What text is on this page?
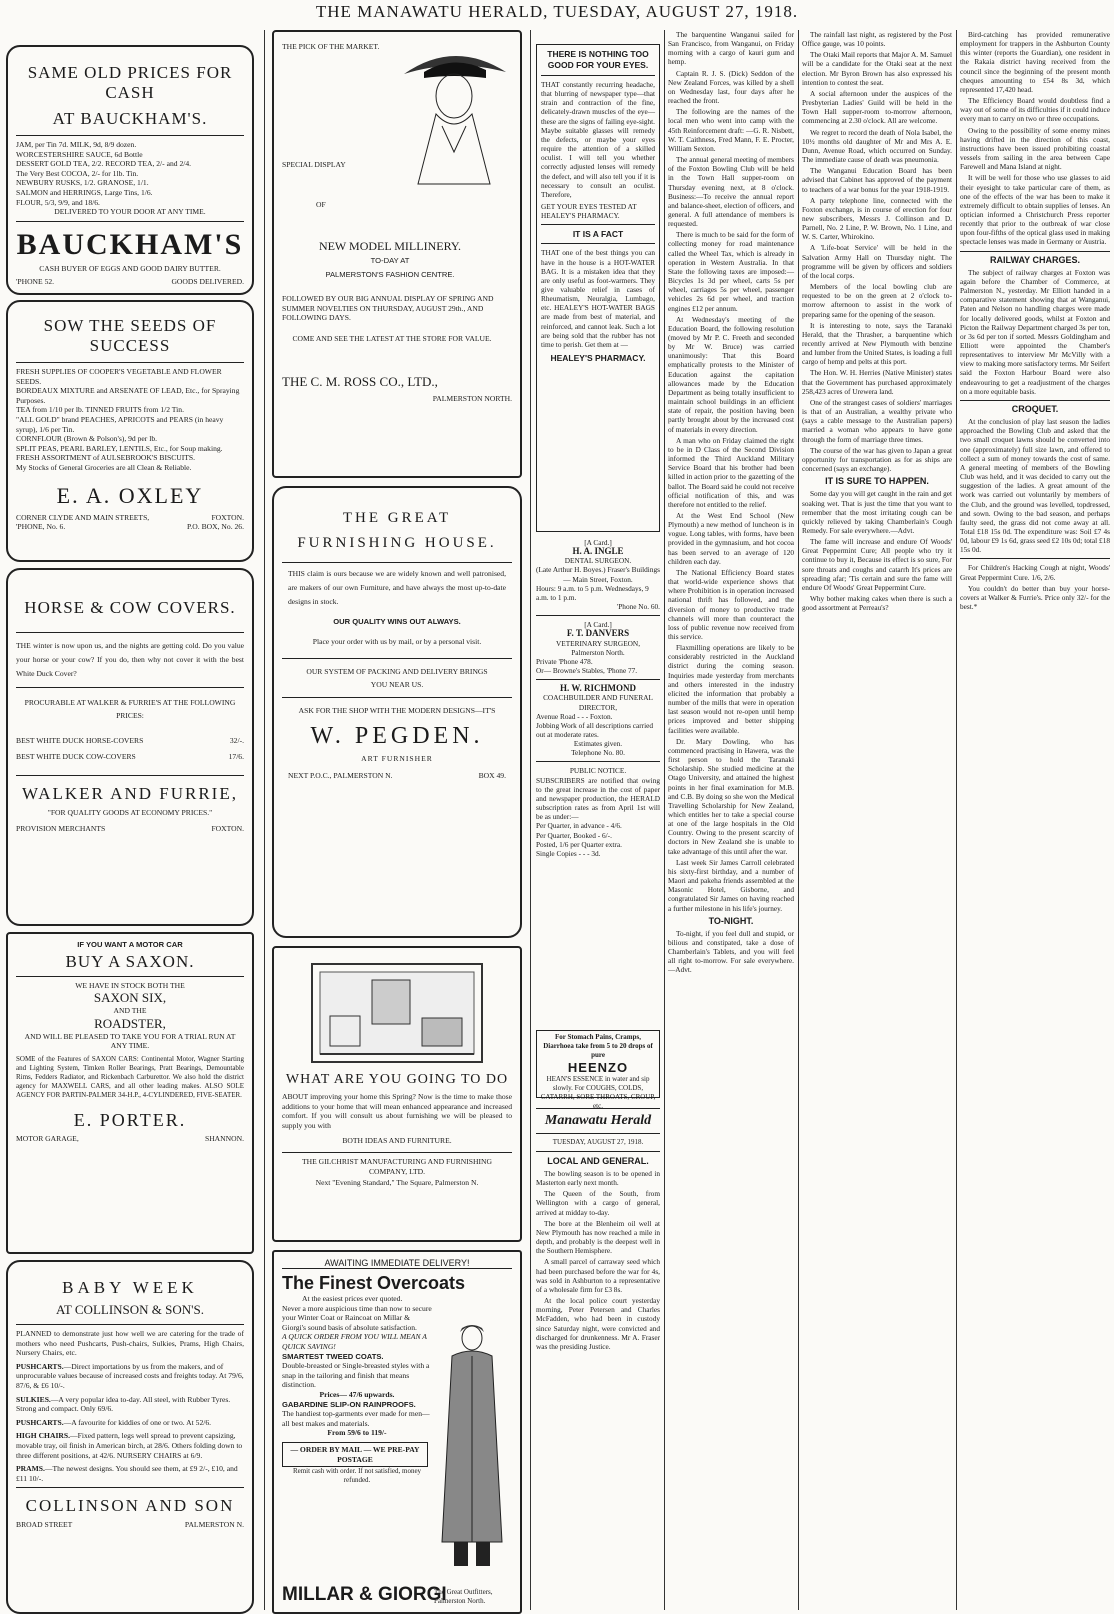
THE MANAWATU HERALD, TUESDAY, AUGUST 27, 1918.
SAME OLD PRICES FOR CASH
AT BAUCKHAM'S.
JAM, per Tin 7d. MILK, 9d, 8/9 dozen.
WORCESTERSHIRE SAUCE, 6d Bottle
DESSERT GOLD TEA, 2/2. RECORD TEA, 2/- and 2/4.
The Very Best COCOA, 2/- for 1lb. Tin.
NEWBURY RUSKS, 1/2. GRANOSE, 1/1.
SALMON and HERRINGS, Large Tins, 1/6.
FLOUR, 5/3, 9/9, and 18/6.
DELIVERED TO YOUR DOOR AT ANY TIME.
BAUCKHAM'S
CASH BUYER OF EGGS AND GOOD DAIRY BUTTER.
'PHONE 52.	GOODS DELIVERED.
SOW THE SEEDS OF SUCCESS
FRESH SUPPLIES OF COOPER'S VEGETABLE AND FLOWER SEEDS.
BORDEAUX MIXTURE and ARSENATE OF LEAD, Etc., for Spraying Purposes.
TEA from 1/10 per lb. TINNED FRUITS from 1/2 Tin.
"ALL GOLD" brand PEACHES, APRICOTS and PEARS (in heavy syrup), 1/6 per Tin.
CORNFLOUR (Brown & Polson's), 9d per lb.
SPLIT PEAS, PEARL BARLEY, LENTILS, Etc., for Soup making.
FRESH ASSORTMENT of AULSEBROOK'S BISCUITS.
My Stocks of General Groceries are all Clean & Reliable.
E. A. OXLEY
CORNER CLYDE AND MAIN STREETS,	FOXTON.
'PHONE, No. 6.	P.O. BOX, No. 26.
HORSE & COW COVERS.
THE winter is now upon us, and the nights are getting cold. Do you value your horse or your cow? If you do, then why not cover it with the best White Duck Cover?
PROCURABLE AT WALKER & FURRIE'S AT THE FOLLOWING PRICES:
BEST WHITE DUCK HORSE-COVERS	32/-.
BEST WHITE DUCK COW-COVERS	17/6.
WALKER AND FURRIE,
"FOR QUALITY GOODS AT ECONOMY PRICES."
PROVISION MERCHANTS	FOXTON.
IF YOU WANT A MOTOR CAR
BUY A SAXON.
WE HAVE IN STOCK BOTH THE
SAXON SIX,
AND THE
ROADSTER,
AND WILL BE PLEASED TO TAKE YOU FOR A TRIAL RUN AT ANY TIME.
SOME of the Features of SAXON CARS: Continental Motor, Wagner Starting and Lighting System, Timken Roller Bearings, Pratt Bearings, Demountable Rims, Fedders Radiator, and Rickenbach Carburettor. We also hold the district agency for MAXWELL CARS, and all other leading makes. ALSO SOLE AGENCY FOR PARTIN-PALMER 34-H.P., 4-CYLINDERED, FIVE-SEATER.
E. PORTER.
MOTOR GARAGE,	SHANNON.
BABY WEEK
AT COLLINSON & SON'S.
PLANNED to demonstrate just how well we are catering for the trade of mothers who need Pushcarts, Push-chairs, Sulkies, Prams, High Chairs, Nursery Chairs, etc.
PUSHCARTS.—Direct importations by us from the makers, and of unprocurable values because of increased costs and freights today. At 79/6, 87/6, & £6 10/-.
SULKIES.—A very popular idea to-day. All steel, with Rubber Tyres. Strong and compact. Only 69/6.
PUSHCARTS.—A favourite for kiddies of one or two. At 52/6.
HIGH CHAIRS.—Fixed pattern, legs well spread to prevent capsizing, movable tray, oil finish in American birch, at 28/6. Others folding down to three different positions, at 42/6. NURSERY CHAIRS at 6/9.
PRAMS.—The newest designs. You should see them, at £9 2/-, £10, and £11 10/-.
COLLINSON AND SON
BROAD STREET	PALMERSTON N.
THE PICK OF THE MARKET.
SPECIAL DISPLAY
OF
NEW MODEL MILLINERY.
TO-DAY AT
PALMERSTON'S FASHION CENTRE.
FOLLOWED BY OUR BIG ANNUAL DISPLAY OF SPRING AND SUMMER NOVELTIES ON THURSDAY, AUGUST 29th., AND FOLLOWING DAYS.
COME AND SEE THE LATEST AT THE STORE FOR VALUE.
THE C. M. ROSS CO., LTD.,
PALMERSTON NORTH.
THE GREAT
FURNISHING HOUSE.
THIS claim is ours because we are widely known and well patronised, are makers of our own Furniture, and have always the most up-to-date designs in stock.
OUR QUALITY WINS OUT ALWAYS.
Place your order with us by mail, or by a personal visit.
OUR SYSTEM OF PACKING AND DELIVERY BRINGS YOU NEAR US.
ASK FOR THE SHOP WITH THE MODERN DESIGNS—IT'S
W. PEGDEN.
ART FURNISHER
NEXT P.O.C., PALMERSTON N.	BOX 49.
WHAT ARE YOU GOING TO DO
ABOUT improving your home this Spring? Now is the time to make those additions to your home that will mean enhanced appearance and increased comfort. If you will consult us about furnishing we will be pleased to supply you with
BOTH IDEAS AND FURNITURE.
THE GILCHRIST MANUFACTURING AND FURNISHING COMPANY, LTD.
Next "Evening Standard," The Square, Palmerston N.
AWAITING IMMEDIATE DELIVERY!
The Finest Overcoats
At the easiest prices ever quoted.
Never a more auspicious time than now to secure your Winter Coat or Raincoat on Millar & Giorgi's sound basis of absolute satisfaction.
A QUICK ORDER FROM YOU WILL MEAN A QUICK SAVING!
SMARTEST TWEED COATS.
Double-breasted or Single-breasted styles with a snap in the tailoring and finish that means distinction.
Prices— 47/6 upwards.
GABARDINE SLIP-ON RAINPROOFS.
The handiest top-garments ever made for men—all best makes and materials.
From 59/6 to 119/-
— ORDER BY MAIL — WE PRE-PAY POSTAGE
Remit cash with order. If not satisfied, money refunded.
MILLAR & GIORGI
The Great Outfitters, Palmerston North.
THERE IS NOTHING TOO GOOD FOR YOUR EYES.
THAT constantly recurring headache, that blurring of newspaper type—that strain and contraction of the fine, delicately-drawn muscles of the eye—these are the signs of failing eye-sight. Maybe suitable glasses will remedy the defects, or maybe your eyes require the attention of a skilled oculist. I will tell you whether correctly adjusted lenses will remedy the defect, and will also tell you if it is necessary to consult an oculist. Therefore,
GET YOUR EYES TESTED AT HEALEY'S PHARMACY.
IT IS A FACT
THAT one of the best things you can have in the house is a HOT-WATER BAG. It is a mistaken idea that they are only useful as foot-warmers. They give valuable relief in cases of Rheumatism, Neuralgia, Lumbago, etc. HEALEY'S HOT-WATER BAGS are made from best of material, and reinforced, and cannot leak. Such a lot are being sold that the rubber has not time to perish. Get them at —
HEALEY'S PHARMACY.
[A Card.]
H. A. INGLE
DENTAL SURGEON.
(Late Arthur H. Boyes.) Fraser's Buildings — Main Street, Foxton.
Hours: 9 a.m. to 5 p.m. Wednesdays, 9 a.m. to 1 p.m.
'Phone No. 60.
[A Card.]
F. T. DANVERS
VETERINARY SURGEON,
Palmerston North.
Private 'Phone 478.
Or— Browne's Stables, 'Phone 77.
H. W. RICHMOND
COACHBUILDER AND FUNERAL DIRECTOR,
Avenue Road - - - Foxton.
Jobbing Work of all descriptions carried out at moderate rates.
Estimates given.
Telephone No. 80.
PUBLIC NOTICE.
SUBSCRIBERS are notified that owing to the great increase in the cost of paper and newspaper production, the HERALD subscription rates as from April 1st will be as under:—
Per Quarter, in advance - 4/6.
Per Quarter, Booked - 6/-.
Posted, 1/6 per Quarter extra.
Single Copies - - - 3d.
For Stomach Pains, Cramps, Diarrhoea take from 5 to 20 drops of pure
HEENZO
HEAN'S ESSENCE in water and sip slowly. For COUGHS, COLDS, CATARRH, SORE THROATS, CROUP, etc.
Manawatu Herald
TUESDAY, AUGUST 27, 1918.
LOCAL AND GENERAL.

The bowling season is to be opened in Masterton early next month.

The Queen of the South, from Wellington with a cargo of general, arrived at midday to-day.

The bore at the Blenheim oil well at New Plymouth has now reached a mile in depth, and probably is the deepest well in the Southern Hemisphere.

A small parcel of carraway seed which had been purchased before the war for 4s, was sold in Ashburton to a representative of a wholesale firm for £3 8s.

At the local police court yesterday morning, Peter Petersen and Charles McFadden, who had been in custody since Saturday night, were convicted and discharged for drunkenness. Mr A. Fraser was the presiding Justice.

The barquentine Wanganui sailed for San Francisco, from Wanganui, on Friday morning with a cargo of kauri gum and hemp.

Captain R. J. S. (Dick) Seddon of the New Zealand Forces, was killed by a shell on Wednesday last, four days after he reached the front.

The following are the names of the local men who went into camp with the 45th Reinforcement draft: —G. R. Nisbett, W. T. Caithness, Fred Mann, F. E. Procter, William Sexton.

The annual general meeting of members of the Foxton Bowling Club will be held in the Town Hall supper-room on Thursday evening next, at 8 o'clock. Business:—To receive the annual report and balance-sheet, election of officers, and general. A full attendance of members is requested.

There is much to be said for the form of collecting money for road maintenance called the Wheel Tax, which is already in operation in Western Australia. In that State the following taxes are imposed:— Bicycles 1s 3d per wheel, carts 5s per wheel, carriages 5s per wheel, passenger vehicles 2s 6d per wheel, and traction engines £12 per annum.

At Wednesday's meeting of the Education Board, the following resolution (moved by Mr P. C. Freeth and seconded by Mr W. Bruce) was carried unanimously: That this Board emphatically protests to the Minister of Education against the capitation allowances made by the Education Department as being totally insufficient to maintain school buildings in an efficient state of repair, the position having been partly brought about by the increased cost of materials in every direction.

A man who on Friday claimed the right to be in D Class of the Second Division informed the Third Auckland Military Service Board that his brother had been killed in action prior to the gazetting of the ballot. The Board said he could not receive official notification of this, and was therefore not entitled to the relief.

At the West End School (New Plymouth) a new method of luncheon is in vogue. Long tables, with forms, have been provided in the gymnasium, and hot cocoa has been served to an average of 120 children each day.

The National Efficiency Board states that world-wide experience shows that where Prohibition is in operation increased national thrift has followed, and the diversion of money to productive trade channels will more than counteract the loss of public revenue now received from this service.

Flaxmilling operations are likely to be considerably restricted in the Auckland district during the coming season. Inquiries made yesterday from merchants and others interested in the industry elicited the information that probably a number of the mills that were in operation last season would not re-open until hemp prices improved and better shipping facilities were available.

Dr. Mary Dowling, who has commenced practising in Hawera, was the first person to hold the Taranaki Scholarship. She studied medicine at the Otago University, and attained the highest points in her final examination for M.B. and C.B. By doing so she won the Medical Travelling Scholarship for New Zealand, which entitles her to take a special course at one of the large hospitals in the Old Country. Owing to the present scarcity of doctors in New Zealand she is unable to take advantage of this until after the war.

Last week Sir James Carroll celebrated his sixty-first birthday, and a number of Maori and pakeha friends assembled at the Masonic Hotel, Gisborne, and congratulated Sir James on having reached a further milestone in his life's journey.

TO-NIGHT.

To-night, if you feel dull and stupid, or bilious and constipated, take a dose of Chamberlain's Tablets, and you will feel all right to-morrow. For sale everywhere.—Advt.

The rainfall last night, as registered by the Post Office gauge, was 10 points.

The Otaki Mail reports that Major A. M. Samuel will be a candidate for the Otaki seat at the next election. Mr Byron Brown has also expressed his intention to contest the seat.

A social afternoon under the auspices of the Presbyterian Ladies' Guild will be held in the Town Hall supper-room to-morrow afternoon, commencing at 2.30 o'clock. All are welcome.

We regret to record the death of Nola Isabel, the 10½ months old daughter of Mr and Mrs A. E. Dunn, Avenue Road, which occurred on Sunday. The immediate cause of death was pneumonia.

The Wanganui Education Board has been advised that Cabinet has approved of the payment to teachers of a war bonus for the year 1918-1919.

A party telephone line, connected with the Foxton exchange, is in course of erection for four new subscribers, Messrs J. Collinson and D. Parnell, No. 2 Line, P. W. Brown, No. 1 Line, and W. S. Carter, Whirokino.

A 'Life-boat Service' will be held in the Salvation Army Hall on Thursday night. The programme will be given by officers and soldiers of the local corps.

Members of the local bowling club are requested to be on the green at 2 o'clock to-morrow afternoon to assist in the work of preparing same for the opening of the season.

It is interesting to note, says the Taranaki Herald, that the Thrasher, a barquentine which recently arrived at New Plymouth with benzine and lumber from the United States, is loading a full cargo of hemp and pelts at this port.

The Hon. W. H. Herries (Native Minister) states that the Government has purchased approximately 258,423 acres of Urewera land.

One of the strangest cases of soldiers' marriages is that of an Australian, a wealthy private who (says a cable message to the Australian papers) married a woman who appears to have gone through the form of marriage three times.

The course of the war has given to Japan a great opportunity for transportation as for as ships are concerned (says an exchange).

IT IS SURE TO HAPPEN.

Some day you will get caught in the rain and get soaking wet. That is just the time that you want to remember that the most irritating cough can be quickly relieved by taking Chamberlain's Cough Remedy. For sale everywhere.—Advt.

The fame will increase and endure Of Woods' Great Peppermint Cure; All people who try it continue to buy it, Because its effect is so sure, For sore throats and coughs and catarrh It's prices are spreading afar; 'Tis certain and sure the fame will endure Of Woods' Great Peppermint Cure.

Why bother making cakes when there is such a good assortment at Perreau's?

Bird-catching has provided remunerative employment for trappers in the Ashburton County this winter (reports the Guardian), one resident in the Rakaia district having received from the council since the beginning of the present month cheques amounting to £54 8s 3d, which represented 17,420 head.

The Efficiency Board would doubtless find a way out of some of its difficulties if it could induce every man to carry on two or three occupations.

Owing to the possibility of some enemy mines having drifted in the direction of this coast, instructions have been issued prohibiting coastal vessels from sailing in the area between Cape Farewell and Mana Island at night.

It will be well for those who use glasses to aid their eyesight to take particular care of them, as one of the effects of the war has been to make it extremely difficult to obtain supplies of lenses. An optician informed a Christchurch Press reporter recently that prior to the outbreak of war close upon four-fifths of the optical glass used in making spectacle lenses was made in Germany or Austria.

RAILWAY CHARGES.

The subject of railway charges at Foxton was again before the Chamber of Commerce, at Palmerston N., yesterday. Mr Elliott handed in a comparative statement showing that at Wanganui, Paten and Nelson no handling charges were made for locally delivered goods, whilst at Foxton and Picton the Railway Department charged 3s per ton, or 3s 6d per ton if sorted. Messrs Goldingham and Elliott were appointed the Chamber's representatives to interview Mr McVilly with a view to making more satisfactory terms. Mr Seifert said the Foxton Harbour Board were also endeavouring to get a readjustment of the charges on a more equitable basis.

CROQUET.

At the conclusion of play last season the ladies approached the Bowling Club and asked that the two small croquet lawns should be converted into one (approximately) full size lawn, and offered to collect a sum of money towards the cost of same. A general meeting of members of the Bowling Club was held, and it was decided to carry out the suggestion of the ladies. A great amount of the work was carried out voluntarily by members of the Club, and the ground was levelled, topdressed, and sown. Owing to the bad season, and perhaps faulty seed, the grass did not come away at all. Total £18 15s 0d. The expenditure was: Soil £7 4s 0d, labour £9 1s 6d, grass seed £2 10s 0d; total £18 15s 0d.

For Children's Hacking Cough at night, Woods' Great Peppermint Cure. 1/6, 2/6.

You couldn't do better than buy your horse-covers at Walker & Furrie's. Price only 32/- for the best.*
